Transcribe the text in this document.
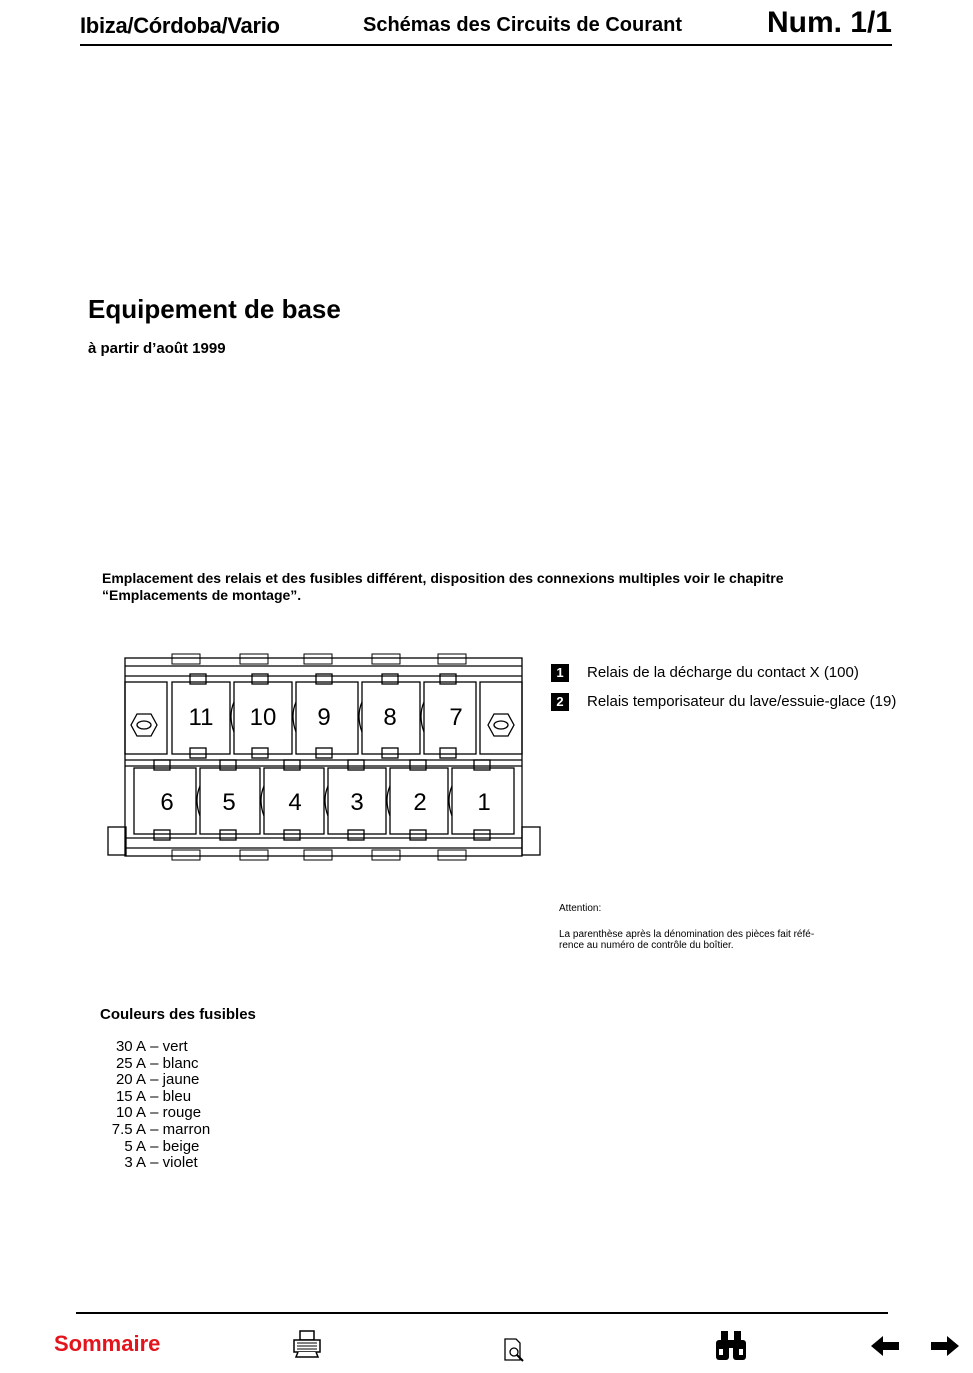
Ibiza/Córdoba/Vario	Schémas des Circuits de Courant	Num. 1/1
Equipement de base
à partir d’août 1999
Emplacement des relais et des fusibles différent, disposition des connexions multiples voir le chapitre
“Emplacements de montage”.
11 10 9 8 7
6 5 4 3 2 1
1	Relais de la décharge du contact X (100)
2	Relais temporisateur du lave/essuie-glace (19)
Attention:
La parenthèse après la dénomination des pièces fait réfé-
rence au numéro de contrôle du boîtier.
Couleurs des fusibles
30 A – vert
25 A – blanc
20 A – jaune
15 A – bleu
10 A – rouge
7.5 A – marron
5 A – beige
3 A – violet
Sommaire
